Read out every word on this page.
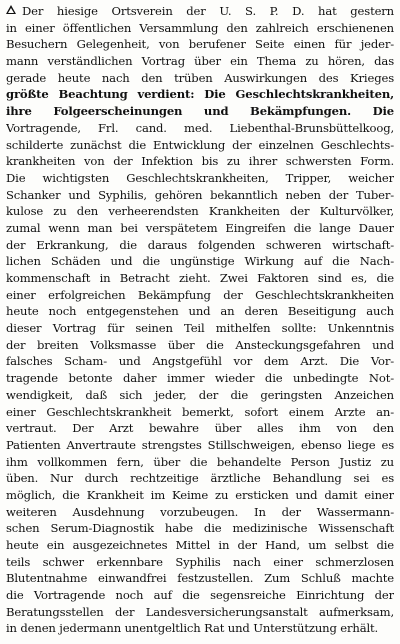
Der hiesige Ortsverein der U. S. P. D. hat gestern
in einer öffentlichen Versammlung den zahlreich erschienenen
Besuchern Gelegenheit, von berufener Seite einen für jeder-
mann verständlichen Vortrag über ein Thema zu hören, das
gerade heute nach den trüben Auswirkungen des Krieges
größte Beachtung verdient: Die Geschlechtskrankheiten,
ihre Folgeerscheinungen und Bekämpfungen. Die
Vortragende, Frl. cand. med. Liebenthal-Brunsbüttelkoog,
schilderte zunächst die Entwicklung der einzelnen Geschlechts-
krankheiten von der Infektion bis zu ihrer schwersten Form.
Die wichtigsten Geschlechtskrankheiten, Tripper, weicher
Schanker und Syphilis, gehören bekanntlich neben der Tuber-
kulose zu den verheerendsten Krankheiten der Kulturvölker,
zumal wenn man bei verspätetem Eingreifen die lange Dauer
der Erkrankung, die daraus folgenden schweren wirtschaft-
lichen Schäden und die ungünstige Wirkung auf die Nach-
kommenschaft in Betracht zieht. Zwei Faktoren sind es, die
einer erfolgreichen Bekämpfung der Geschlechtskrankheiten
heute noch entgegenstehen und an deren Beseitigung auch
dieser Vortrag für seinen Teil mithelfen sollte: Unkenntnis
der breiten Volksmasse über die Ansteckungsgefahren und
falsches Scham- und Angstgefühl vor dem Arzt. Die Vor-
tragende betonte daher immer wieder die unbedingte Not-
wendigkeit, daß sich jeder, der die geringsten Anzeichen
einer Geschlechtskrankheit bemerkt, sofort einem Arzte an-
vertraut. Der Arzt bewahre über alles ihm von den
Patienten Anvertraute strengstes Stillschweigen, ebenso liege es
ihm vollkommen fern, über die behandelte Person Justiz zu
üben. Nur durch rechtzeitige ärztliche Behandlung sei es
möglich, die Krankheit im Keime zu ersticken und damit einer
weiteren Ausdehnung vorzubeugen. In der Wassermann-
schen Serum-Diagnostik habe die medizinische Wissenschaft
heute ein ausgezeichnetes Mittel in der Hand, um selbst die
teils schwer erkennbare Syphilis nach einer schmerzlosen
Blutentnahme einwandfrei festzustellen. Zum Schluß machte
die Vortragende noch auf die segensreiche Einrichtung der
Beratungsstellen der Landesversicherungsanstalt aufmerksam,
in denen jedermann unentgeltlich Rat und Unterstützung erhält.
